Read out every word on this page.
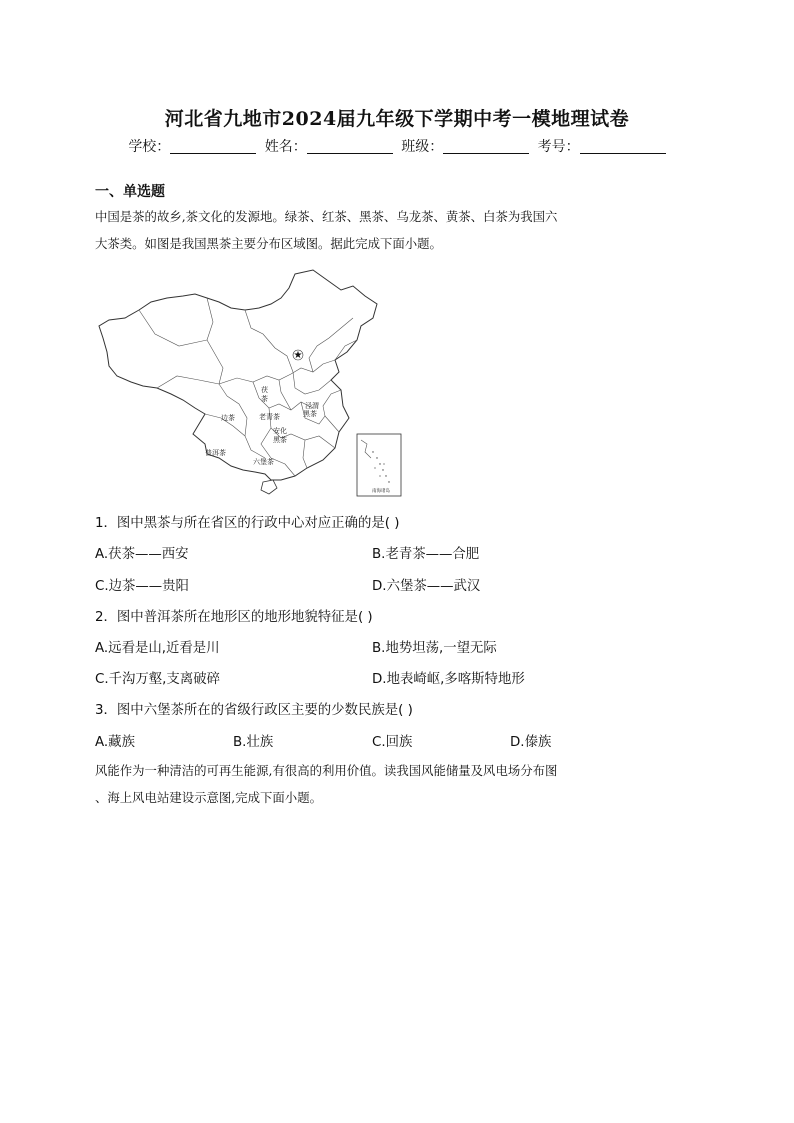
河北省九地市2024届九年级下学期中考一模地理试卷
学校：	姓名：	班级：	考号：
一、单选题

中国是茶的故乡,茶文化的发源地。绿茶、红茶、黑茶、乌龙茶、黄茶、白茶为我国六

大茶类。如图是我国黑茶主要分布区域图。据此完成下面小题。

★
茯
茶
边茶	老青茶
泾渭
黑茶
安化
黑茶
普洱茶
六堡茶
南海诸岛
1．图中黑茶与所在省区的行政中心对应正确的是( )
A.茯茶——西安	B.老青茶——合肥
C.边茶——贵阳	D.六堡茶——武汉
2．图中普洱茶所在地形区的地形地貌特征是( )
A.远看是山,近看是川	B.地势坦荡,一望无际
C.千沟万壑,支离破碎	D.地表崎岖,多喀斯特地形
3．图中六堡茶所在的省级行政区主要的少数民族是( )
A.藏族	B.壮族	C.回族	D.傣族

风能作为一种清洁的可再生能源,有很高的利用价值。读我国风能储量及风电场分布图

、海上风电站建设示意图,完成下面小题。
